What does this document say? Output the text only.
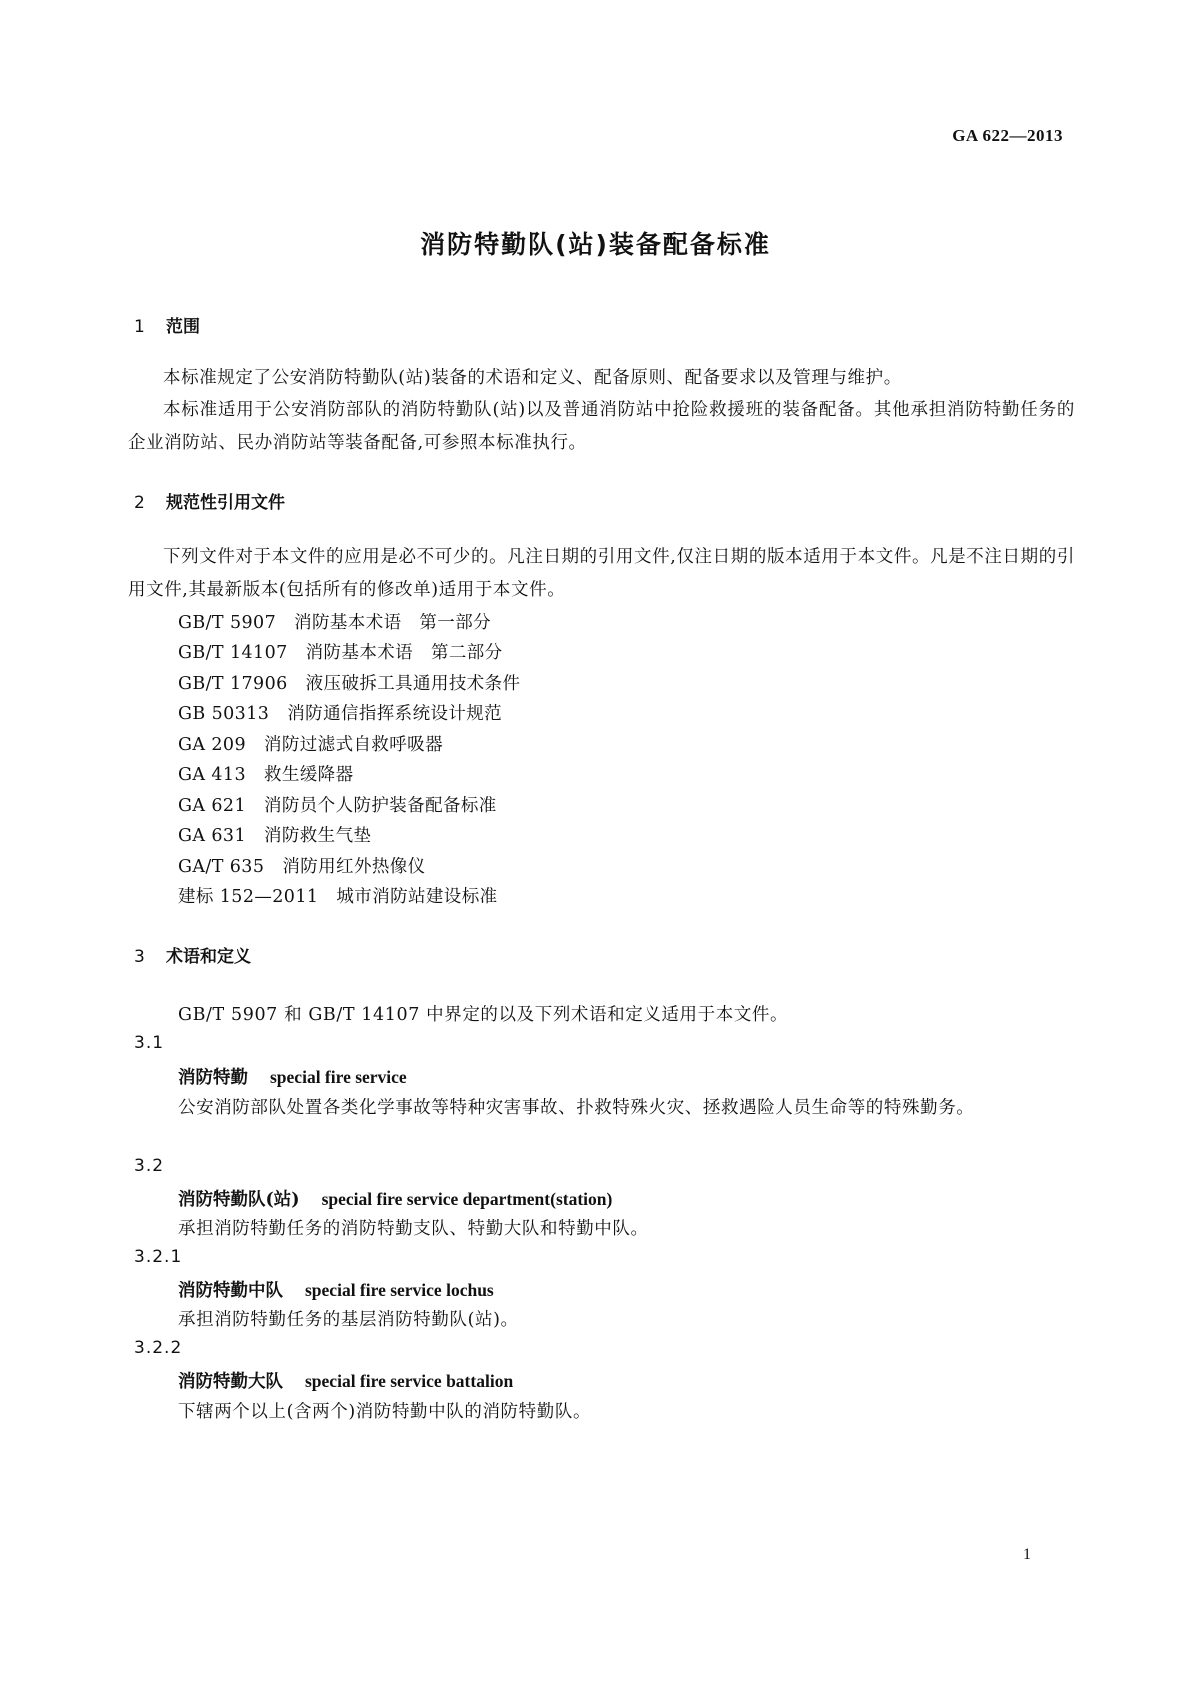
GA 622—2013
消防特勤队(站)装备配备标准
1 范围
本标准规定了公安消防特勤队(站)装备的术语和定义、配备原则、配备要求以及管理与维护。
本标准适用于公安消防部队的消防特勤队(站)以及普通消防站中抢险救援班的装备配备。其他承担消防特勤任务的企业消防站、民办消防站等装备配备,可参照本标准执行。
2 规范性引用文件
下列文件对于本文件的应用是必不可少的。凡注日期的引用文件,仅注日期的版本适用于本文件。凡是不注日期的引用文件,其最新版本(包括所有的修改单)适用于本文件。
GB/T 5907 消防基本术语　第一部分
GB/T 14107 消防基本术语　第二部分
GB/T 17906 液压破拆工具通用技术条件
GB 50313 消防通信指挥系统设计规范
GA 209 消防过滤式自救呼吸器
GA 413 救生缓降器
GA 621 消防员个人防护装备配备标准
GA 631 消防救生气垫
GA/T 635 消防用红外热像仪
建标 152—2011 城市消防站建设标准
3 术语和定义
GB/T 5907 和 GB/T 14107 中界定的以及下列术语和定义适用于本文件。
3.1
消防特勤 special fire service
公安消防部队处置各类化学事故等特种灾害事故、扑救特殊火灾、拯救遇险人员生命等的特殊勤务。
3.2
消防特勤队(站) special fire service department(station)
承担消防特勤任务的消防特勤支队、特勤大队和特勤中队。
3.2.1
消防特勤中队 special fire service lochus
承担消防特勤任务的基层消防特勤队(站)。
3.2.2
消防特勤大队 special fire service battalion
下辖两个以上(含两个)消防特勤中队的消防特勤队。
1
